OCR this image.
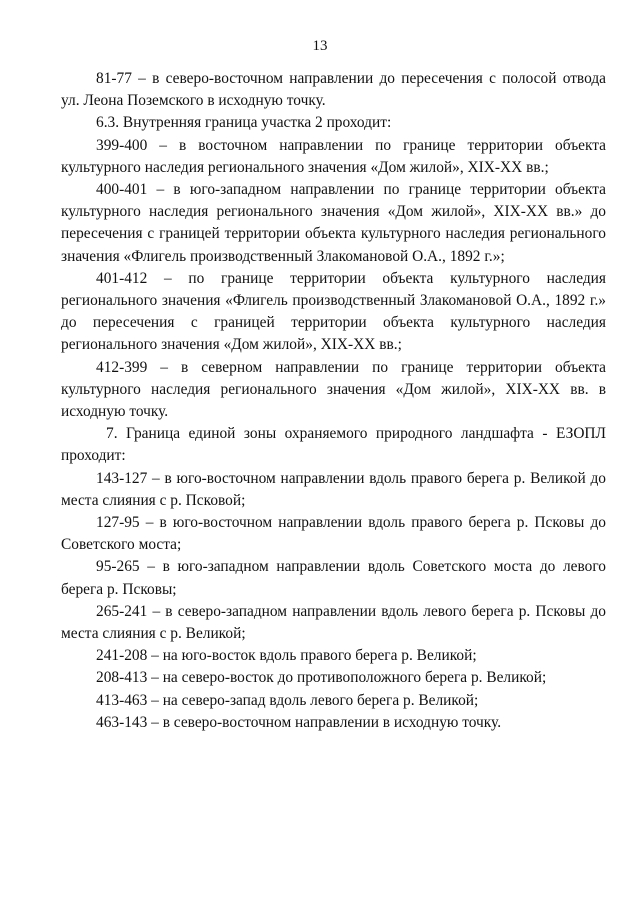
13

81-77 – в северо-восточном направлении до пересечения с полосой отвода ул. Леона Поземского в исходную точку.

6.3. Внутренняя граница участка 2 проходит:

399-400 – в восточном направлении по границе территории объекта культурного наследия регионального значения «Дом жилой», XIX-XX вв.;

400-401 – в юго-западном направлении по границе территории объекта культурного наследия регионального значения «Дом жилой», XIX-XX вв.» до пересечения с границей территории объекта культурного наследия регионального значения «Флигель производственный Злакомановой О.А., 1892 г.»;

401-412 – по границе территории объекта культурного наследия регионального значения «Флигель производственный Злакомановой О.А., 1892 г.» до пересечения с границей территории объекта культурного наследия регионального значения «Дом жилой», XIX-XX вв.;

412-399 – в северном направлении по границе территории объекта культурного наследия регионального значения «Дом жилой», XIX-XX вв. в исходную точку.

7. Граница единой зоны охраняемого природного ландшафта - ЕЗОПЛ проходит:

143-127 – в юго-восточном направлении вдоль правого берега р. Великой до места слияния с р. Псковой;

127-95 – в юго-восточном направлении вдоль правого берега р. Псковы до Советского моста;

95-265 – в юго-западном направлении вдоль Советского моста до левого берега р. Псковы;

265-241 – в северо-западном направлении вдоль левого берега р. Псковы до места слияния с р. Великой;

241-208 – на юго-восток вдоль правого берега р. Великой;

208-413 – на северо-восток до противоположного берега р. Великой;

413-463 – на северо-запад вдоль левого берега р. Великой;

463-143 – в северо-восточном направлении в исходную точку.
